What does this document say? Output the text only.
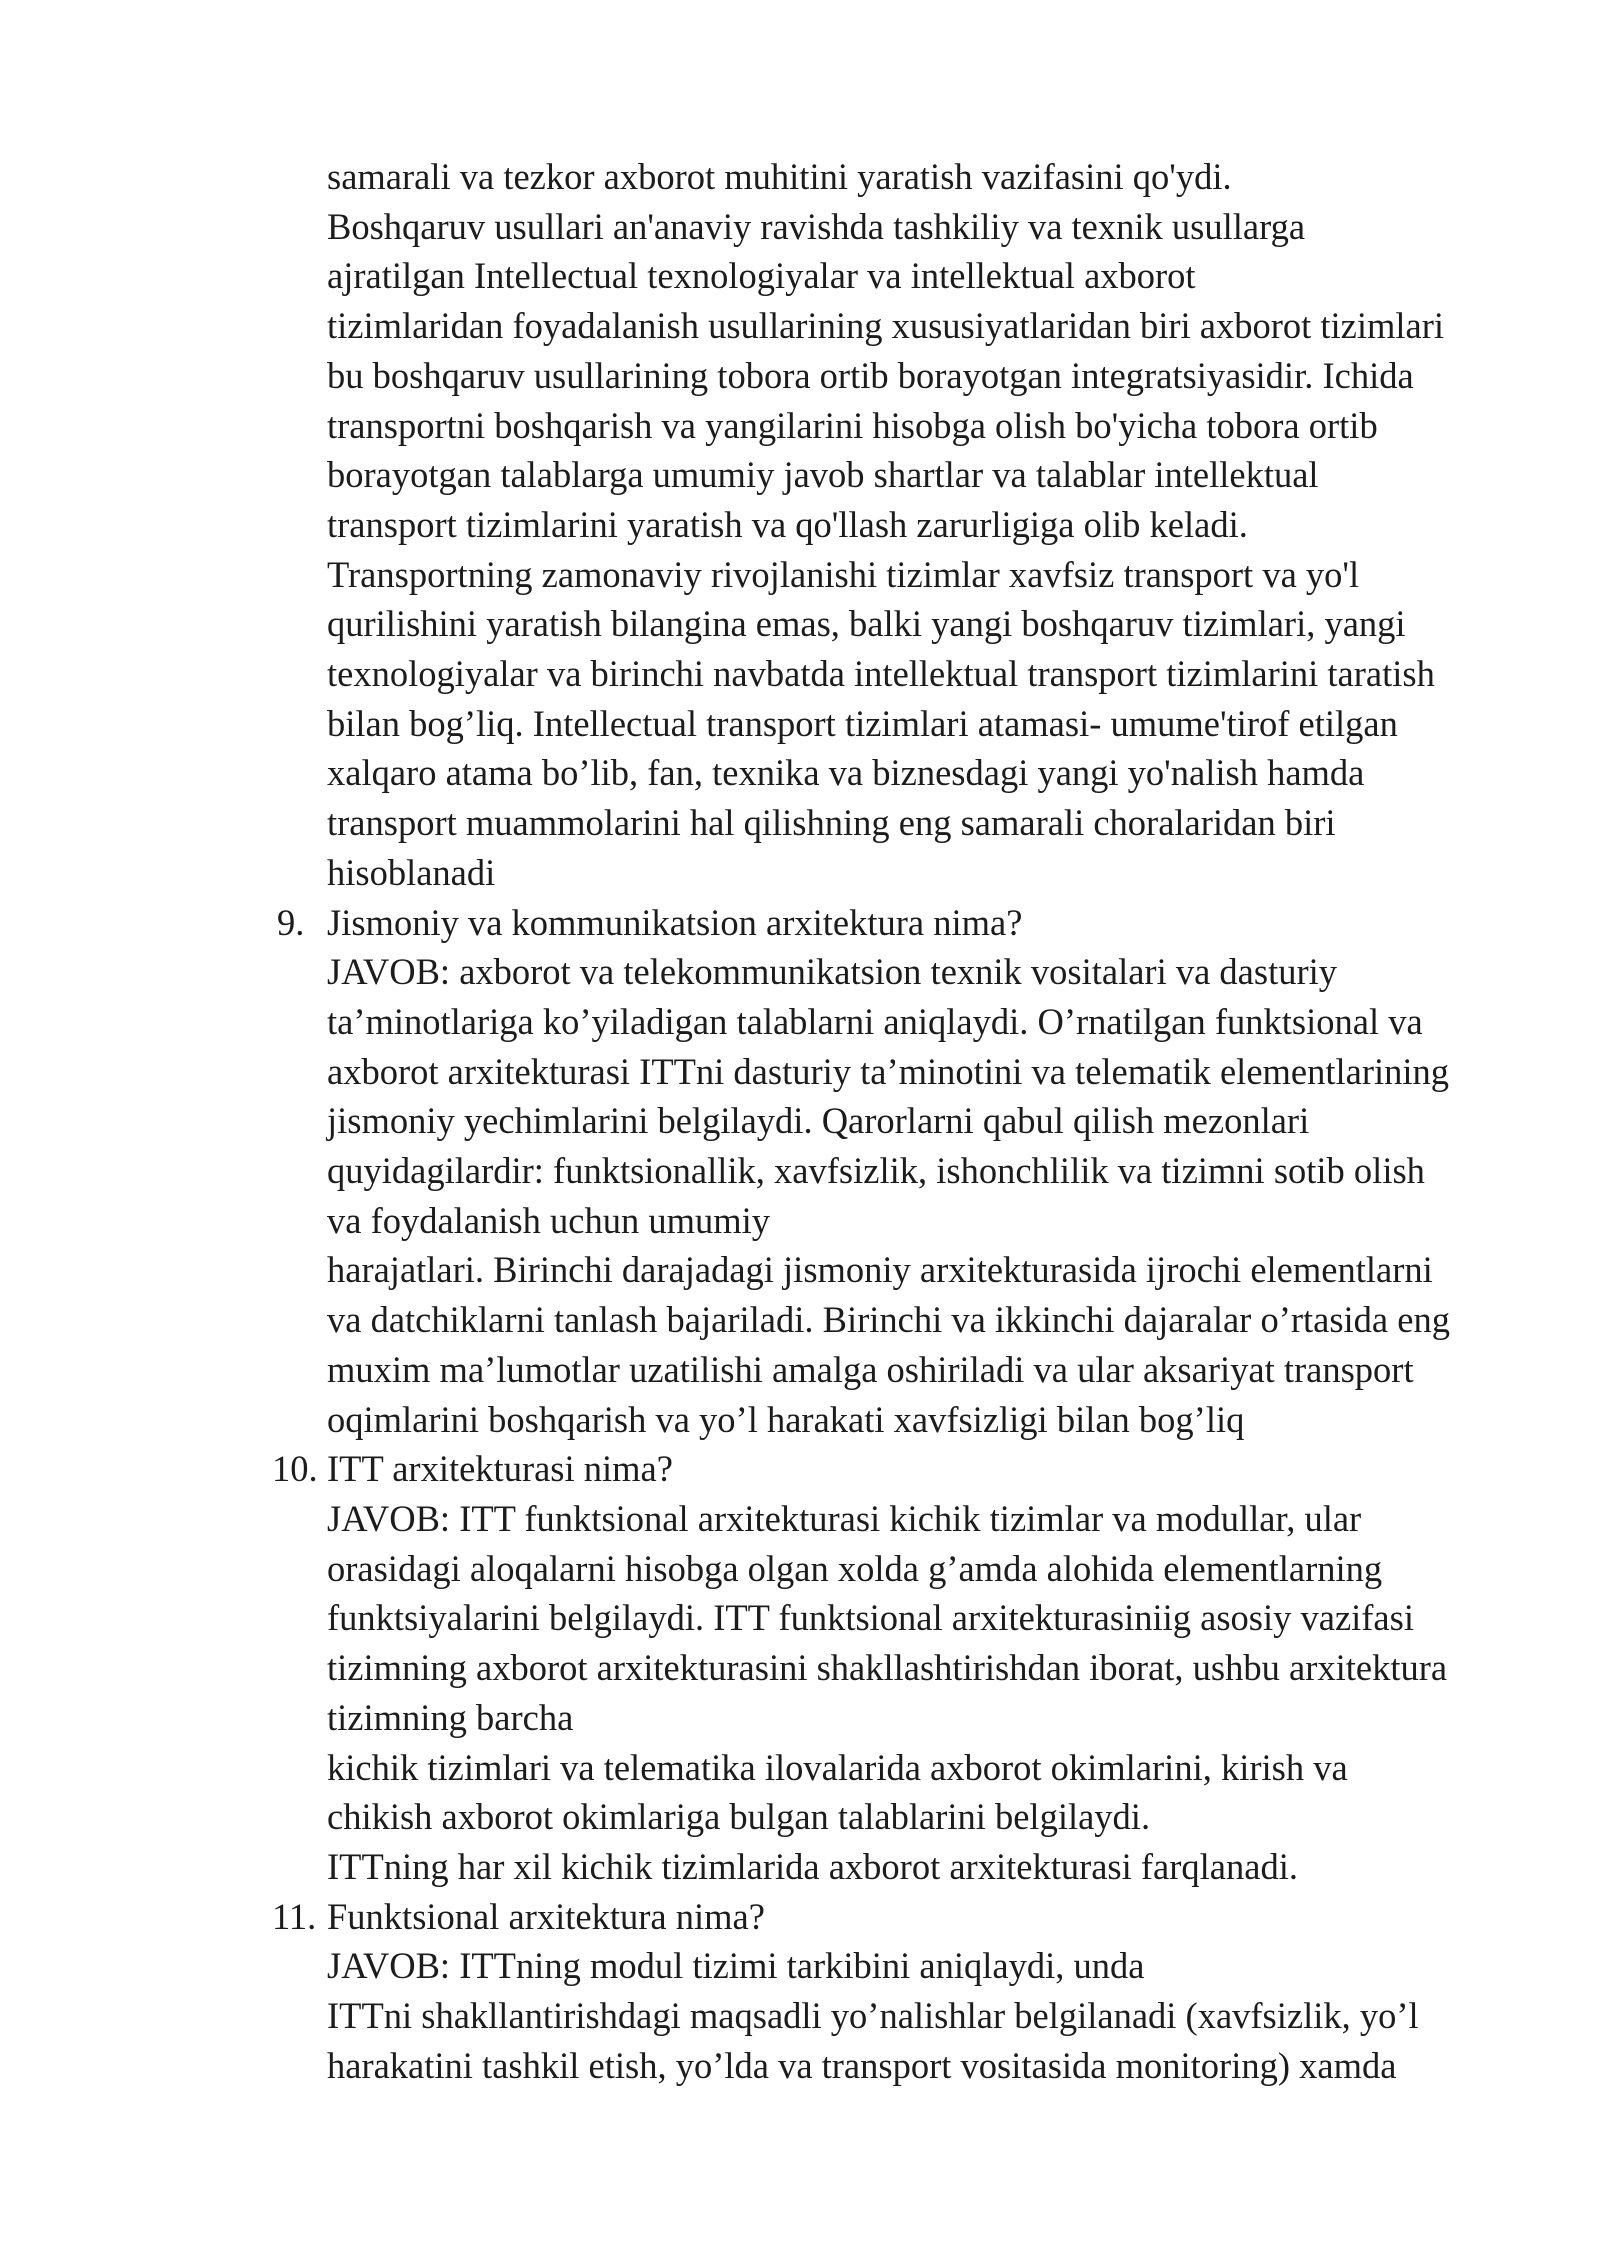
samarali va tezkor axborot muhitini yaratish vazifasini qo'ydi.
Boshqaruv usullari an'anaviy ravishda tashkiliy va texnik usullarga
ajratilgan Intellectual texnologiyalar va intellektual axborot
tizimlaridan foyadalanish usullarining xususiyatlaridan biri axborot tizimlari
bu boshqaruv usullarining tobora ortib borayotgan integratsiyasidir. Ichida
transportni boshqarish va yangilarini hisobga olish bo'yicha tobora ortib
borayotgan talablarga umumiy javob shartlar va talablar intellektual
transport tizimlarini yaratish va qo'llash zarurligiga olib keladi.
Transportning zamonaviy rivojlanishi tizimlar xavfsiz transport va yo'l
qurilishini yaratish bilangina emas, balki yangi boshqaruv tizimlari, yangi
texnologiyalar va birinchi navbatda intellektual transport tizimlarini taratish
bilan bog’liq. Intellectual transport tizimlari atamasi- umume'tirof etilgan
xalqaro atama bo’lib, fan, texnika va biznesdagi yangi yo'nalish hamda
transport muammolarini hal qilishning eng samarali choralaridan biri
hisoblanadi
9. Jismoniy va kommunikatsion arxitektura nima?
JAVOB: axborot va telekommunikatsion texnik vositalari va dasturiy
ta’minotlariga ko’yiladigan talablarni aniqlaydi. O’rnatilgan funktsional va
axborot arxitekturasi ITTni dasturiy ta’minotini va telematik elementlarining
jismoniy yechimlarini belgilaydi. Qarorlarni qabul qilish mezonlari
quyidagilardir: funktsionallik, xavfsizlik, ishonchlilik va tizimni sotib olish
va foydalanish uchun umumiy
harajatlari. Birinchi darajadagi jismoniy arxitekturasida ijrochi elementlarni
va datchiklarni tanlash bajariladi. Birinchi va ikkinchi dajaralar o’rtasida eng
muxim ma’lumotlar uzatilishi amalga oshiriladi va ular aksariyat transport
oqimlarini boshqarish va yo’l harakati xavfsizligi bilan bog’liq
10. ITT arxitekturasi nima?
JAVOB: ITT funktsional arxitekturasi kichik tizimlar va modullar, ular
orasidagi aloqalarni hisobga olgan xolda g’amda alohida elementlarning
funktsiyalarini belgilaydi. ITT funktsional arxitekturasiniig asosiy vazifasi
tizimning axborot arxitekturasini shakllashtirishdan iborat, ushbu arxitektura
tizimning barcha
kichik tizimlari va telematika ilovalarida axborot okimlarini, kirish va
chikish axborot okimlariga bulgan talablarini belgilaydi.
ITTning har xil kichik tizimlarida axborot arxitekturasi farqlanadi.
11. Funktsional arxitektura nima?
JAVOB: ITTning modul tizimi tarkibini aniqlaydi, unda
ITTni shakllantirishdagi maqsadli yo’nalishlar belgilanadi (xavfsizlik, yo’l
harakatini tashkil etish, yo’lda va transport vositasida monitoring) xamda
